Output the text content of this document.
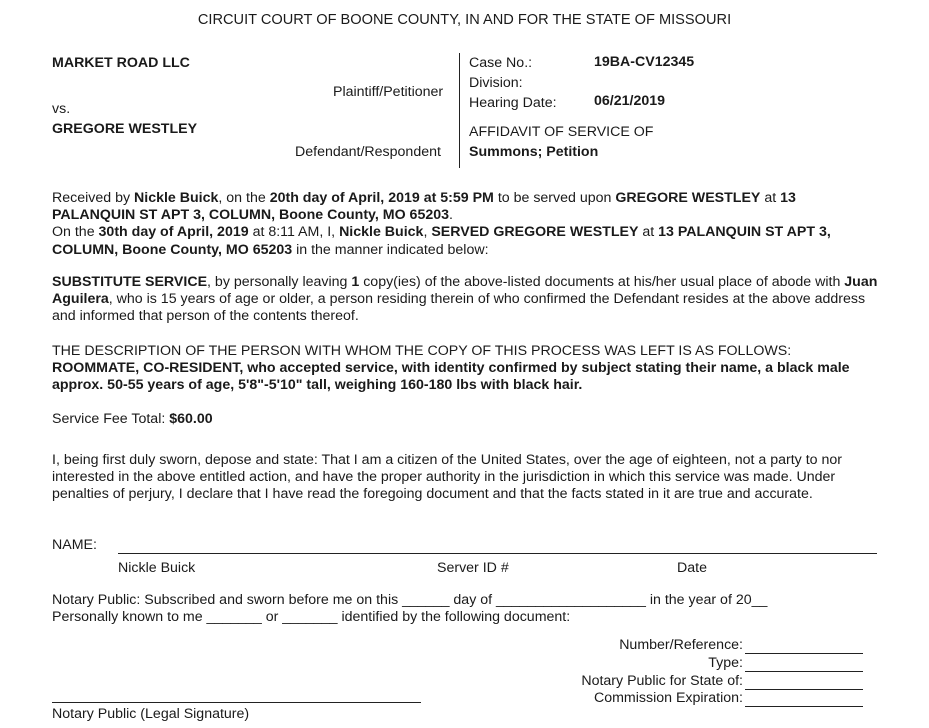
CIRCUIT COURT OF BOONE COUNTY, IN AND FOR THE STATE OF MISSOURI
MARKET ROAD LLC
Plaintiff/Petitioner
vs.
GREGORE WESTLEY
Defendant/Respondent
Case No.:	19BA-CV12345
Division:
Hearing Date:	06/21/2019
AFFIDAVIT OF SERVICE OF
Summons; Petition
Received by Nickle Buick, on the 20th day of April, 2019 at 5:59 PM to be served upon GREGORE WESTLEY at 13 PALANQUIN ST APT 3, COLUMN, Boone County, MO 65203.
On the 30th day of April, 2019 at 8:11 AM, I, Nickle Buick, SERVED GREGORE WESTLEY at 13 PALANQUIN ST APT 3, COLUMN, Boone County, MO 65203 in the manner indicated below:
SUBSTITUTE SERVICE, by personally leaving 1 copy(ies) of the above-listed documents at his/her usual place of abode with Juan Aguilera, who is 15 years of age or older, a person residing therein of who confirmed the Defendant resides at the above address and informed that person of the contents thereof.
THE DESCRIPTION OF THE PERSON WITH WHOM THE COPY OF THIS PROCESS WAS LEFT IS AS FOLLOWS:
ROOMMATE, CO-RESIDENT, who accepted service, with identity confirmed by subject stating their name, a black male approx. 50-55 years of age, 5'8"-5'10" tall, weighing 160-180 lbs with black hair.
Service Fee Total: $60.00
I, being first duly sworn, depose and state: That I am a citizen of the United States, over the age of eighteen, not a party to nor interested in the above entitled action, and have the proper authority in the jurisdiction in which this service was made. Under penalties of perjury, I declare that I have read the foregoing document and that the facts stated in it are true and accurate.
NAME:
Nickle Buick	Server ID #	Date
Notary Public: Subscribed and sworn before me on this ______ day of ___________________ in the year of 20__
Personally known to me _______ or _______ identified by the following document:
Number/Reference:
Type:
Notary Public for State of:
Commission Expiration:
Notary Public (Legal Signature)
